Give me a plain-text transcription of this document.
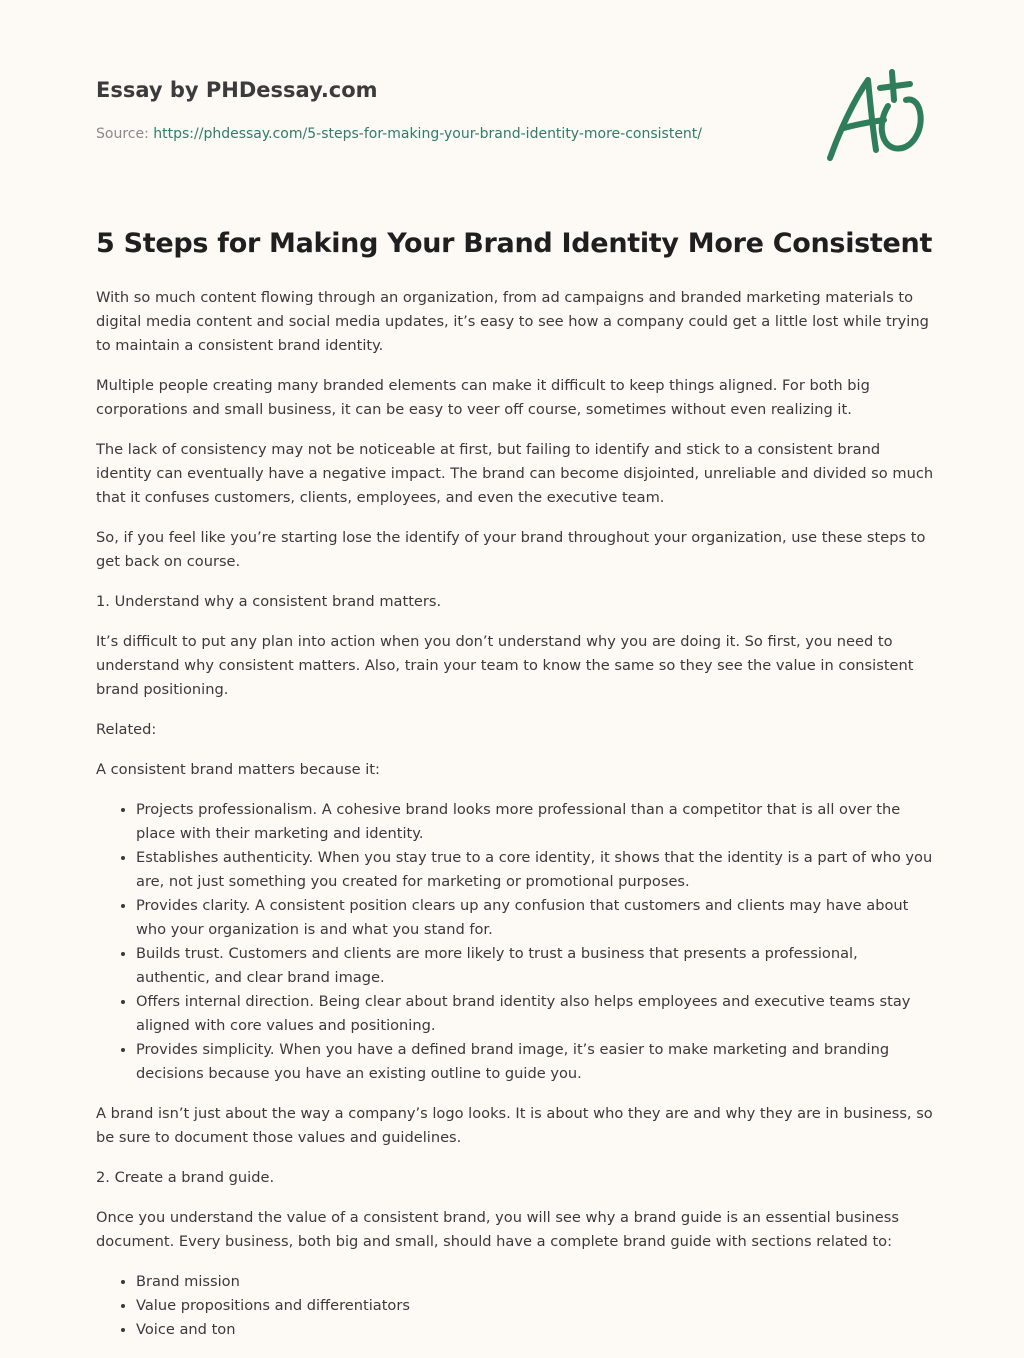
Essay by PHDessay.com
Source: https://phdessay.com/5-steps-for-making-your-brand-identity-more-consistent/
5 Steps for Making Your Brand Identity More Consistent

With so much content flowing through an organization, from ad campaigns and branded marketing materials to digital media content and social media updates, it’s easy to see how a company could get a little lost while trying to maintain a consistent brand identity.

Multiple people creating many branded elements can make it difficult to keep things aligned. For both big corporations and small business, it can be easy to veer off course, sometimes without even realizing it.

The lack of consistency may not be noticeable at first, but failing to identify and stick to a consistent brand identity can eventually have a negative impact. The brand can become disjointed, unreliable and divided so much that it confuses customers, clients, employees, and even the executive team.

So, if you feel like you’re starting lose the identify of your brand throughout your organization, use these steps to get back on course.

1. Understand why a consistent brand matters.

It’s difficult to put any plan into action when you don’t understand why you are doing it. So first, you need to understand why consistent matters. Also, train your team to know the same so they see the value in consistent brand positioning.

Related:

A consistent brand matters because it:

• Projects professionalism. A cohesive brand looks more professional than a competitor that is all over the place with their marketing and identity.
• Establishes authenticity. When you stay true to a core identity, it shows that the identity is a part of who you are, not just something you created for marketing or promotional purposes.
• Provides clarity. A consistent position clears up any confusion that customers and clients may have about who your organization is and what you stand for.
• Builds trust. Customers and clients are more likely to trust a business that presents a professional, authentic, and clear brand image.
• Offers internal direction. Being clear about brand identity also helps employees and executive teams stay aligned with core values and positioning.
• Provides simplicity. When you have a defined brand image, it’s easier to make marketing and branding decisions because you have an existing outline to guide you.

A brand isn’t just about the way a company’s logo looks. It is about who they are and why they are in business, so be sure to document those values and guidelines.

2. Create a brand guide.

Once you understand the value of a consistent brand, you will see why a brand guide is an essential business document. Every business, both big and small, should have a complete brand guide with sections related to:

• Brand mission
• Value propositions and differentiators
• Voice and ton
